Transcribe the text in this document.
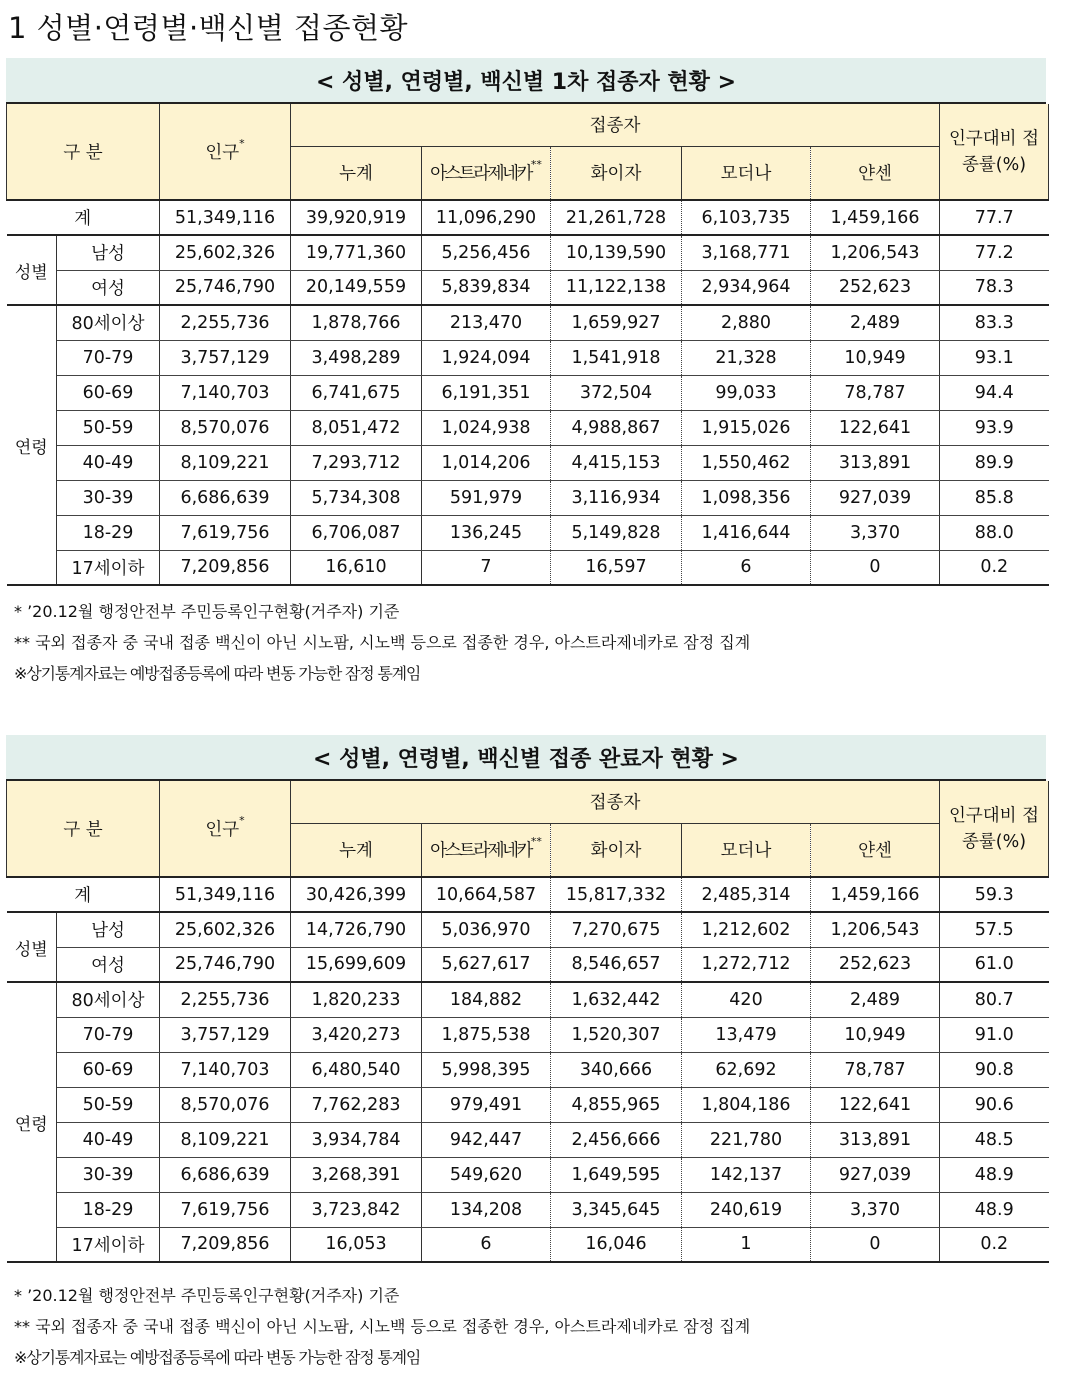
1 성별·연령별·백신별 접종현황
< 성별, 연령별, 백신별 1차 접종자 현황 >
구 분		인구*	접종자					인구대비 접종률(%)
			누계	아스트라제네카**	화이자	모더나	얀센	
계		51,349,116	39,920,919	11,096,290	21,261,728	6,103,735	1,459,166	77.7
성별	남성	25,602,326	19,771,360	5,256,456	10,139,590	3,168,771	1,206,543	77.2
	여성	25,746,790	20,149,559	5,839,834	11,122,138	2,934,964	252,623	78.3
연령	80세이상	2,255,736	1,878,766	213,470	1,659,927	2,880	2,489	83.3
	70-79	3,757,129	3,498,289	1,924,094	1,541,918	21,328	10,949	93.1
	60-69	7,140,703	6,741,675	6,191,351	372,504	99,033	78,787	94.4
	50-59	8,570,076	8,051,472	1,024,938	4,988,867	1,915,026	122,641	93.9
	40-49	8,109,221	7,293,712	1,014,206	4,415,153	1,550,462	313,891	89.9
	30-39	6,686,639	5,734,308	591,979	3,116,934	1,098,356	927,039	85.8
	18-29	7,619,756	6,706,087	136,245	5,149,828	1,416,644	3,370	88.0
	17세이하	7,209,856	16,610	7	16,597	6	0	0.2
* ’20.12월 행정안전부 주민등록인구현황(거주자) 기준
** 국외 접종자 중 국내 접종 백신이 아닌 시노팜, 시노백 등으로 접종한 경우, 아스트라제네카로 잠정 집계
※상기통계자료는 예방접종등록에 따라 변동 가능한 잠정 통계임
< 성별, 연령별, 백신별 접종 완료자 현황 >
구 분		인구*	접종자					인구대비 접종률(%)
			누계	아스트라제네카**	화이자	모더나	얀센	
계		51,349,116	30,426,399	10,664,587	15,817,332	2,485,314	1,459,166	59.3
성별	남성	25,602,326	14,726,790	5,036,970	7,270,675	1,212,602	1,206,543	57.5
	여성	25,746,790	15,699,609	5,627,617	8,546,657	1,272,712	252,623	61.0
연령	80세이상	2,255,736	1,820,233	184,882	1,632,442	420	2,489	80.7
	70-79	3,757,129	3,420,273	1,875,538	1,520,307	13,479	10,949	91.0
	60-69	7,140,703	6,480,540	5,998,395	340,666	62,692	78,787	90.8
	50-59	8,570,076	7,762,283	979,491	4,855,965	1,804,186	122,641	90.6
	40-49	8,109,221	3,934,784	942,447	2,456,666	221,780	313,891	48.5
	30-39	6,686,639	3,268,391	549,620	1,649,595	142,137	927,039	48.9
	18-29	7,619,756	3,723,842	134,208	3,345,645	240,619	3,370	48.9
	17세이하	7,209,856	16,053	6	16,046	1	0	0.2
* ’20.12월 행정안전부 주민등록인구현황(거주자) 기준
** 국외 접종자 중 국내 접종 백신이 아닌 시노팜, 시노백 등으로 접종한 경우, 아스트라제네카로 잠정 집계
※상기통계자료는 예방접종등록에 따라 변동 가능한 잠정 통계임
